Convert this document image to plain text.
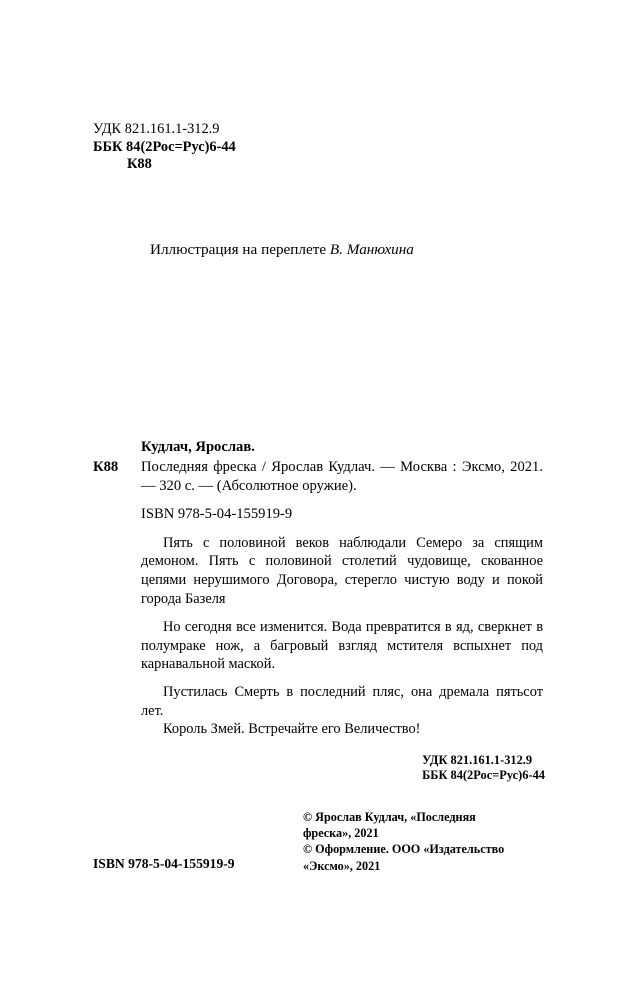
УДК 821.161.1-312.9
ББК 84(2Рос=Рус)6-44
К88
Иллюстрация на переплете В. Манюхина
Кудлач, Ярослав.
К88 Последняя фреска / Ярослав Кудлач. — Москва : Эксмо, 2021. — 320 с. — (Абсолютное оружие).
ISBN 978-5-04-155919-9
Пять с половиной веков наблюдали Семеро за спящим демоном. Пять с половиной столетий чудовище, скованное цепями нерушимого Договора, стерегло чистую воду и покой города Базеля
Но сегодня все изменится. Вода превратится в яд, сверкнет в полумраке нож, а багровый взгляд мстителя вспыхнет под карнавальной маской.
Пустилась Смерть в последний пляс, она дремала пятьсот лет.
Король Змей. Встречайте его Величество!
УДК 821.161.1-312.9
ББК 84(2Рос=Рус)6-44
© Ярослав Кудлач, «Последняя
фреска», 2021
© Оформление. ООО «Издательство
«Эксмо», 2021
ISBN 978-5-04-155919-9
